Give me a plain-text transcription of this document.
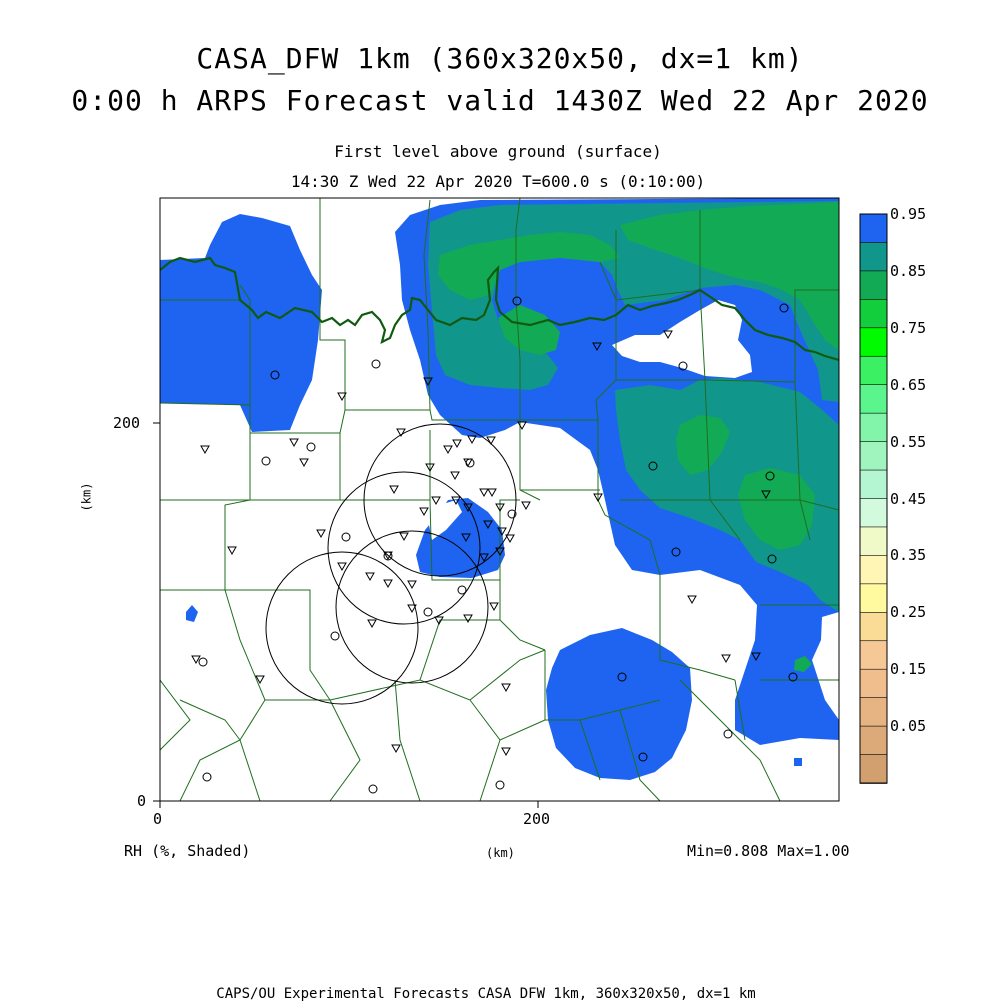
CASA_DFW 1km (360x320x50, dx=1 km)
0:00 h ARPS Forecast valid 1430Z Wed 22 Apr 2020
First level above ground (surface)
14:30 Z Wed 22 Apr 2020 T=600.0 s (0:10:00)
0	200
0
200
(km)
(km)
0.95
0.85
0.75
0.65
0.55
0.45
0.35
0.25
0.15
0.05
RH (%, Shaded)	Min=0.808 Max=1.00
CAPS/OU Experimental Forecasts CASA DFW 1km, 360x320x50, dx=1 km
